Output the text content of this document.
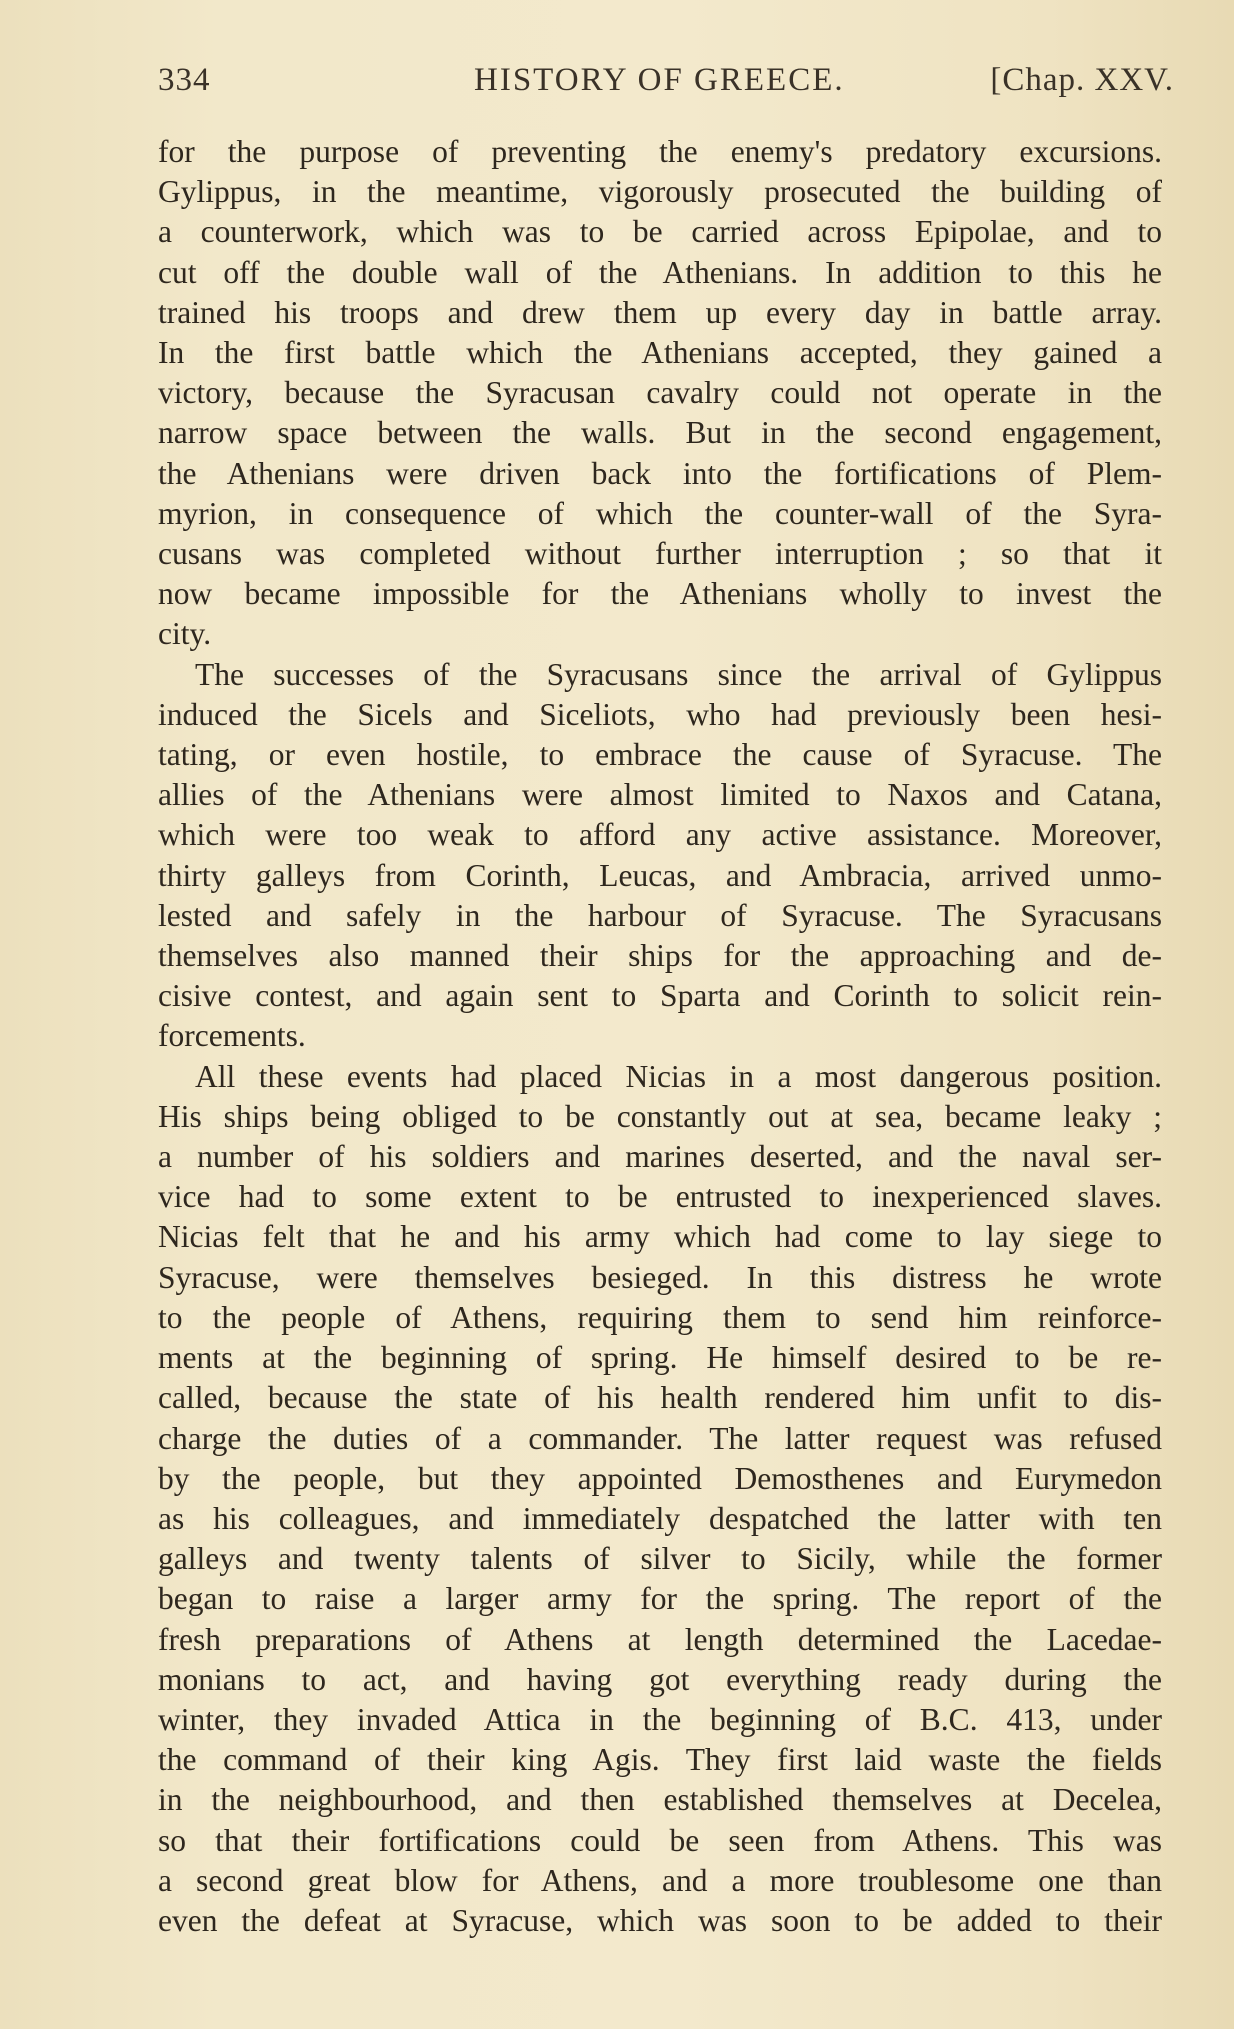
334	HISTORY OF GREECE.	[Chap. XXV.
for the purpose of preventing the enemy's predatory excursions.
Gylippus, in the meantime, vigorously prosecuted the building of
a counterwork, which was to be carried across Epipolae, and to
cut off the double wall of the Athenians. In addition to this he
trained his troops and drew them up every day in battle array.
In the first battle which the Athenians accepted, they gained a
victory, because the Syracusan cavalry could not operate in the
narrow space between the walls. But in the second engagement,
the Athenians were driven back into the fortifications of Plem-
myrion, in consequence of which the counter-wall of the Syra-
cusans was completed without further interruption ; so that it
now became impossible for the Athenians wholly to invest the
city.
The successes of the Syracusans since the arrival of Gylippus
induced the Sicels and Siceliots, who had previously been hesi-
tating, or even hostile, to embrace the cause of Syracuse. The
allies of the Athenians were almost limited to Naxos and Catana,
which were too weak to afford any active assistance. Moreover,
thirty galleys from Corinth, Leucas, and Ambracia, arrived unmo-
lested and safely in the harbour of Syracuse. The Syracusans
themselves also manned their ships for the approaching and de-
cisive contest, and again sent to Sparta and Corinth to solicit rein-
forcements.
All these events had placed Nicias in a most dangerous position.
His ships being obliged to be constantly out at sea, became leaky ;
a number of his soldiers and marines deserted, and the naval ser-
vice had to some extent to be entrusted to inexperienced slaves.
Nicias felt that he and his army which had come to lay siege to
Syracuse, were themselves besieged. In this distress he wrote
to the people of Athens, requiring them to send him reinforce-
ments at the beginning of spring. He himself desired to be re-
called, because the state of his health rendered him unfit to dis-
charge the duties of a commander. The latter request was refused
by the people, but they appointed Demosthenes and Eurymedon
as his colleagues, and immediately despatched the latter with ten
galleys and twenty talents of silver to Sicily, while the former
began to raise a larger army for the spring. The report of the
fresh preparations of Athens at length determined the Lacedae-
monians to act, and having got everything ready during the
winter, they invaded Attica in the beginning of B.C. 413, under
the command of their king Agis. They first laid waste the fields
in the neighbourhood, and then established themselves at Decelea,
so that their fortifications could be seen from Athens. This was
a second great blow for Athens, and a more troublesome one than
even the defeat at Syracuse, which was soon to be added to their
